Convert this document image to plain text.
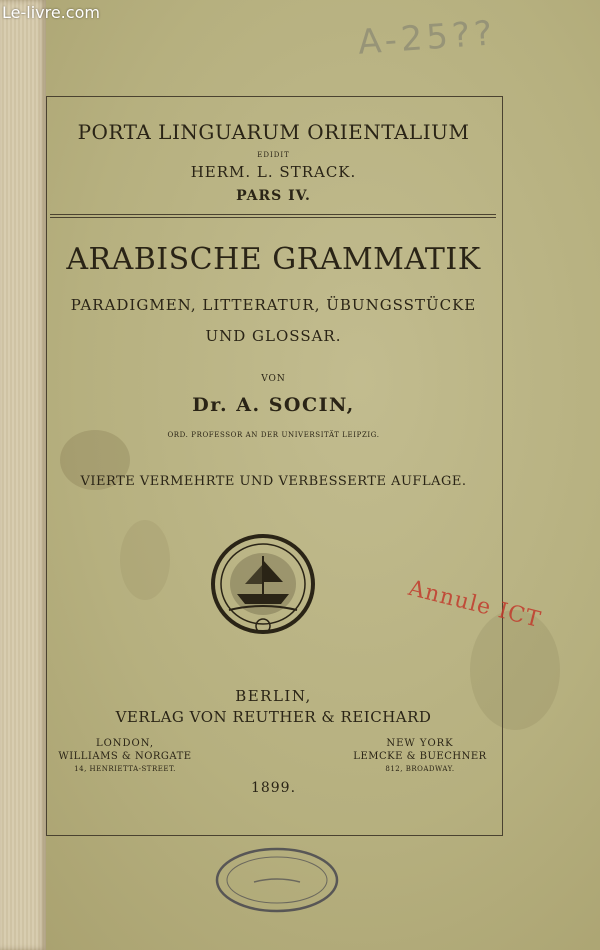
Le-livre.com
A-25??
PORTA LINGUARUM ORIENTALIUM
EDIDIT
HERM. L. STRACK.
PARS IV.
ARABISCHE GRAMMATIK
PARADIGMEN, LITTERATUR, ÜBUNGSSTÜCKE
UND GLOSSAR.
VON
Dr. A. SOCIN,
ORD. PROFESSOR AN DER UNIVERSITÄT LEIPZIG.
VIERTE VERMEHRTE UND VERBESSERTE AUFLAGE.
BERLIN,
VERLAG VON REUTHER & REICHARD
LONDON,
WILLIAMS & NORGATE
14, HENRIETTA-STREET.
NEW YORK
LEMCKE & BUECHNER
812, BROADWAY.
1899.
Annule ICT
